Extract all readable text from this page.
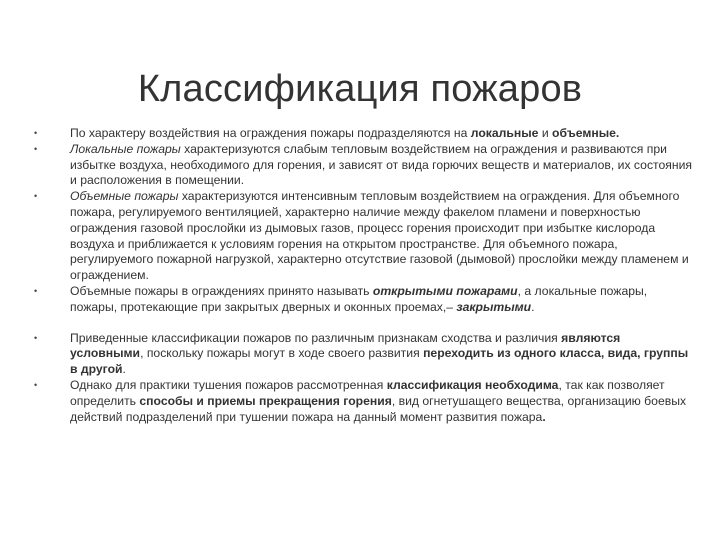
Классификация пожаров
•	По характеру воздействия на ограждения пожары подразделяются на локальные и объемные.
•	Локальные пожары характеризуются слабым тепловым воздействием на ограждения и развиваются при избытке воздуха, необходимого для горения, и зависят от вида горючих веществ и материалов, их состояния и расположения в помещении.
•	Объемные пожары характеризуются интенсивным тепловым воздействием на ограждения. Для объемного пожара, регулируемого вентиляцией, характерно наличие между факелом пламени и поверхностью ограждения газовой прослойки из дымовых газов, процесс горения происходит при избытке кислорода воздуха и приближается к условиям горения на открытом пространстве. Для объемного пожара, регулируемого пожарной нагрузкой, характерно отсутствие газовой (дымовой) прослойки между пламенем и ограждением.
•	Объемные пожары в ограждениях принято называть открытыми пожарами, а локальные пожары, пожары, протекающие при закрытых дверных и оконных проемах,– закрытыми.
•	Приведенные классификации пожаров по различным признакам сходства и различия являются условными, поскольку пожары могут в ходе своего развития переходить из одного класса, вида, группы в другой.
•	Однако для практики тушения пожаров рассмотренная классификация необходима, так как позволяет определить способы и приемы прекращения горения, вид огнетушащего вещества, организацию боевых действий подразделений при тушении пожара на данный момент развития пожара.
